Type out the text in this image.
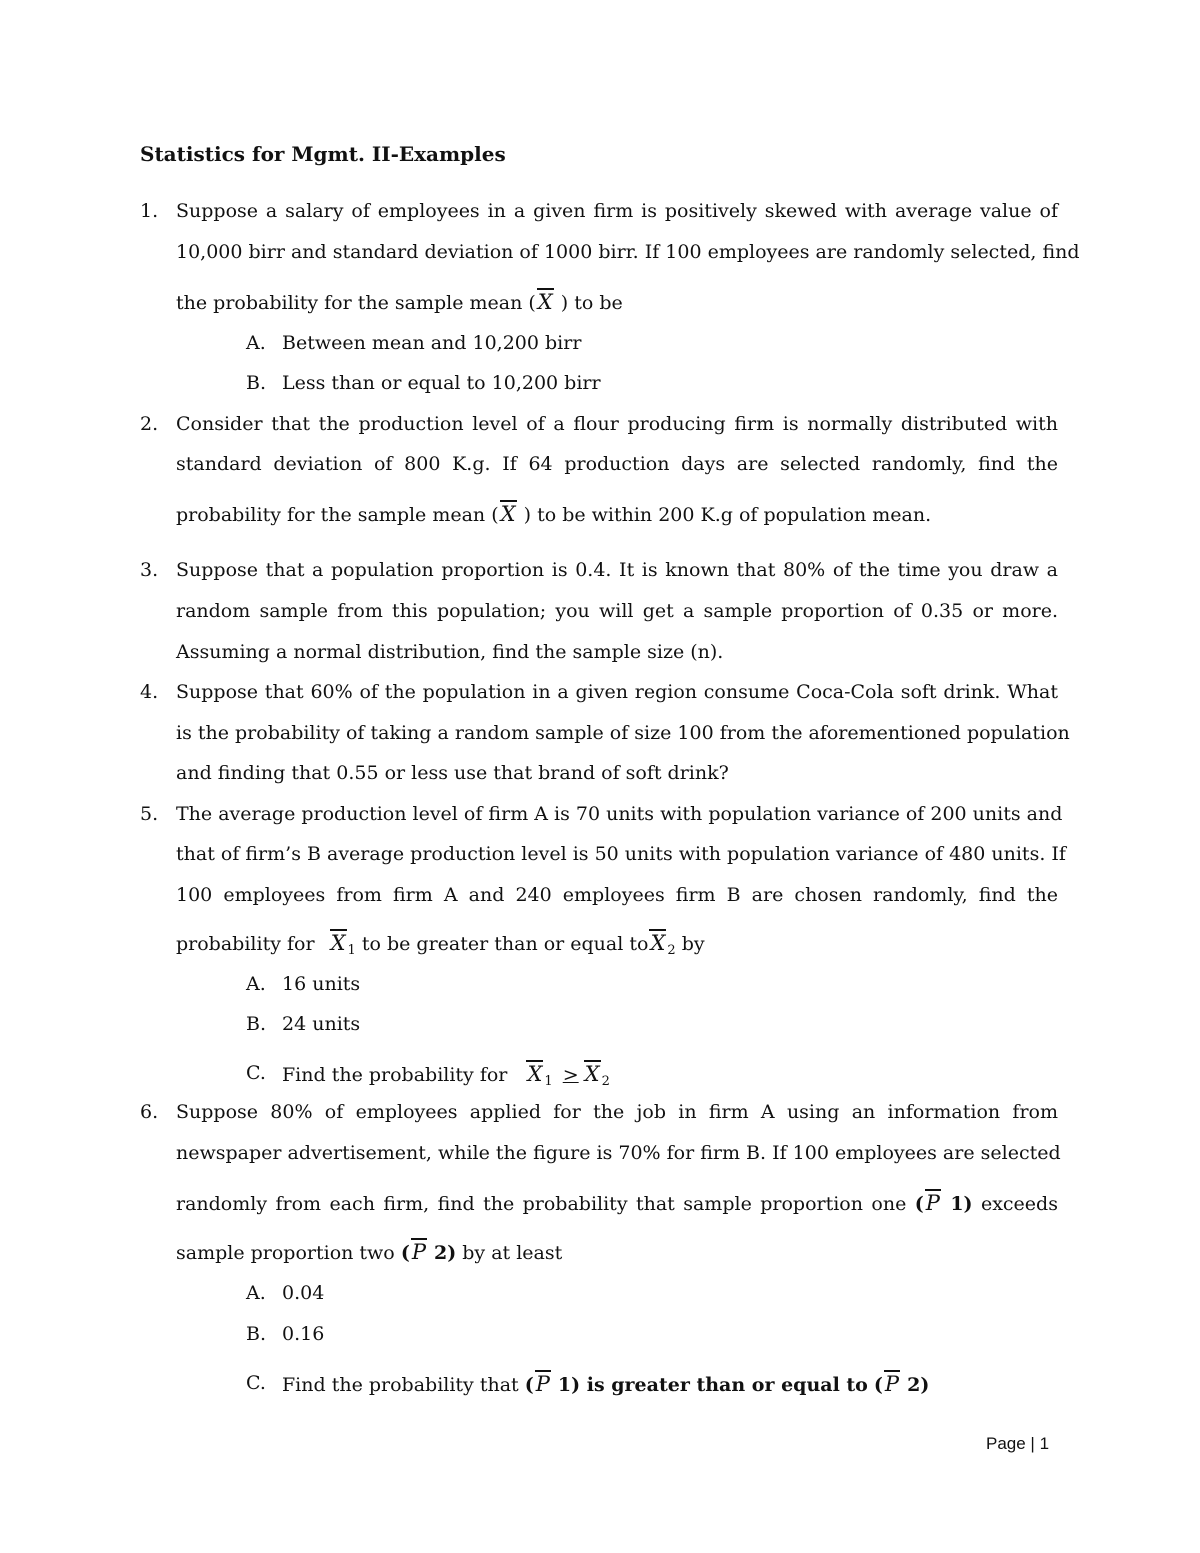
Statistics for Mgmt. II-Examples
1. Suppose a salary of employees in a given firm is positively skewed with average value of
10,000 birr and standard deviation of 1000 birr. If 100 employees are randomly selected, find
the probability for the sample mean (X ) to be
A. Between mean and 10,200 birr
B. Less than or equal to 10,200 birr
2. Consider that the production level of a flour producing firm is normally distributed with
standard deviation of 800 K.g. If 64 production days are selected randomly, find the
probability for the sample mean (X ) to be within 200 K.g of population mean.
3. Suppose that a population proportion is 0.4. It is known that 80% of the time you draw a
random sample from this population; you will get a sample proportion of 0.35 or more.
Assuming a normal distribution, find the sample size (n).
4. Suppose that 60% of the population in a given region consume Coca-Cola soft drink. What
is the probability of taking a random sample of size 100 from the aforementioned population
and finding that 0.55 or less use that brand of soft drink?
5. The average production level of firm A is 70 units with population variance of 200 units and
that of firm’s B average production level is 50 units with population variance of 480 units. If
100 employees from firm A and 240 employees firm B are chosen randomly, find the
probability for X $_1$ to be greater than or equal toX $_2$ by
A. 16 units
B. 24 units
C. Find the probability for X $_1$ ≥ X $_2$
6. Suppose 80% of employees applied for the job in firm A using an information from
newspaper advertisement, while the figure is 70% for firm B. If 100 employees are selected
randomly from each firm, find the probability that sample proportion one (P 1) exceeds
sample proportion two (P 2) by at least
A. 0.04
B. 0.16
C. Find the probability that (P 1) is greater than or equal to (P 2)
Page | 1
